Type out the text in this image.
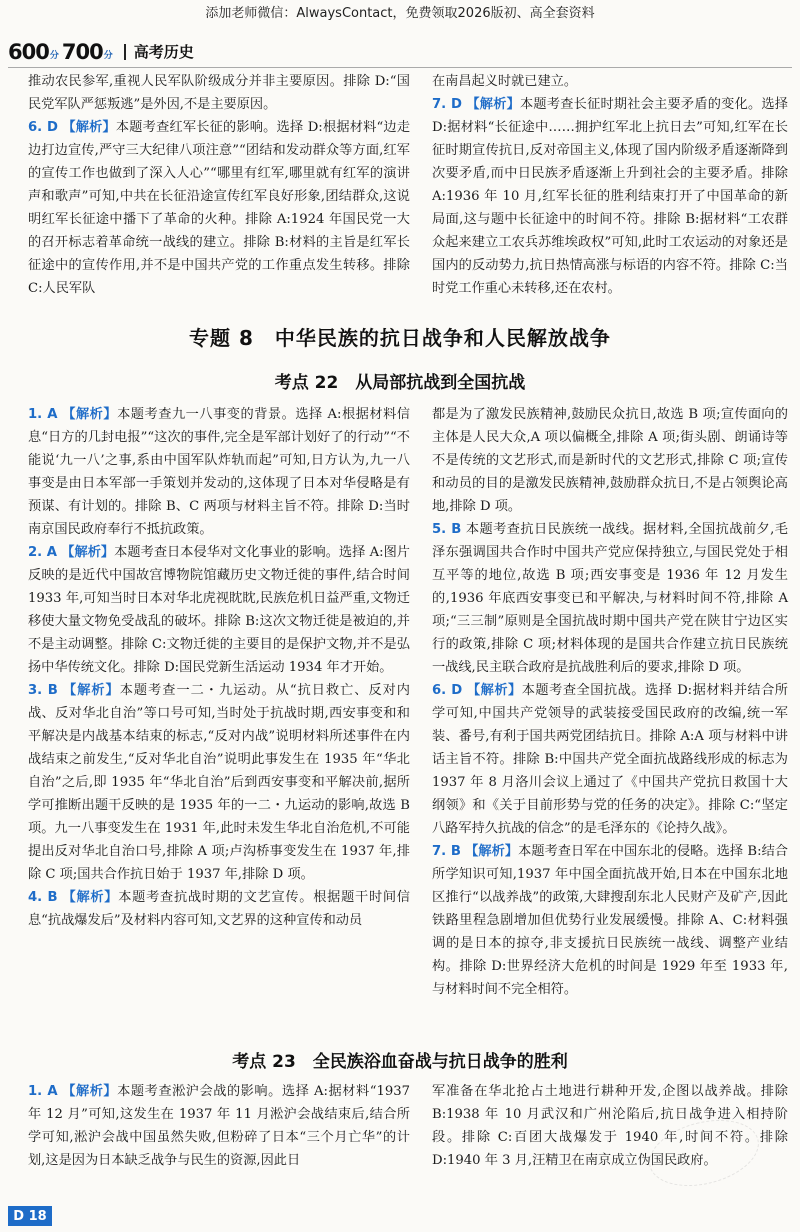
添加老师微信：AlwaysContact，免费领取2026版初、高全套资料
600 分 700 分 高考历史

推动农民参军,重视人民军队阶级成分并非主要原因。排除 D:“国民党军队严惩叛逃”是外因,不是主要原因。

6. D 【解析】本题考查红军长征的影响。选择 D:根据材料“边走边打边宣传,严守三大纪律八项注意”“团结和发动群众等方面,红军的宣传工作也做到了深入人心”“哪里有红军,哪里就有红军的演讲声和歌声”可知,中共在长征沿途宣传红军良好形象,团结群众,这说明红军长征途中播下了革命的火种。排除 A:1924 年国民党一大的召开标志着革命统一战线的建立。排除 B:材料的主旨是红军长征途中的宣传作用,并不是中国共产党的工作重点发生转移。排除 C:人民军队

在南昌起义时就已建立。

7. D 【解析】本题考查长征时期社会主要矛盾的变化。选择 D:据材料“长征途中……拥护红军北上抗日去”可知,红军在长征时期宣传抗日,反对帝国主义,体现了国内阶级矛盾逐渐降到次要矛盾,而中日民族矛盾逐渐上升到社会的主要矛盾。排除 A:1936 年 10 月,红军长征的胜利结束打开了中国革命的新局面,这与题中长征途中的时间不符。排除 B:据材料“工农群众起来建立工农兵苏维埃政权”可知,此时工农运动的对象还是国内的反动势力,抗日热情高涨与标语的内容不符。排除 C:当时党工作重心未转移,还在农村。

专题 8　中华民族的抗日战争和人民解放战争
考点 22　从局部抗战到全国抗战

1. A 【解析】本题考查九一八事变的背景。选择 A:根据材料信息“日方的几封电报”“这次的事件,完全是军部计划好了的行动”“不能说‘九一八’之事,系由中国军队炸轨而起”可知,日方认为,九一八事变是由日本军部一手策划并发动的,这体现了日本对华侵略是有预谋、有计划的。排除 B、C 两项与材料主旨不符。排除 D:当时南京国民政府奉行不抵抗政策。

2. A 【解析】本题考查日本侵华对文化事业的影响。选择 A:图片反映的是近代中国故宫博物院馆藏历史文物迁徙的事件,结合时间 1933 年,可知当时日本对华北虎视眈眈,民族危机日益严重,文物迁移使大量文物免受战乱的破坏。排除 B:这次文物迁徙是被迫的,并不是主动调整。排除 C:文物迁徙的主要目的是保护文物,并不是弘扬中华传统文化。排除 D:国民党新生活运动 1934 年才开始。

3. B 【解析】本题考查一二・九运动。从“抗日救亡、反对内战、反对华北自治”等口号可知,当时处于抗战时期,西安事变和和平解决是内战基本结束的标志,“反对内战”说明材料所述事件在内战结束之前发生,“反对华北自治”说明此事发生在 1935 年“华北自治”之后,即 1935 年“华北自治”后到西安事变和平解决前,据所学可推断出题干反映的是 1935 年的一二・九运动的影响,故选 B 项。九一八事变发生在 1931 年,此时未发生华北自治危机,不可能提出反对华北自治口号,排除 A 项;卢沟桥事变发生在 1937 年,排除 C 项;国共合作抗日始于 1937 年,排除 D 项。

4. B 【解析】本题考查抗战时期的文艺宣传。根据题干时间信息“抗战爆发后”及材料内容可知,文艺界的这种宣传和动员

都是为了激发民族精神,鼓励民众抗日,故选 B 项;宣传面向的主体是人民大众,A 项以偏概全,排除 A 项;街头剧、朗诵诗等不是传统的文艺形式,而是新时代的文艺形式,排除 C 项;宣传和动员的目的是激发民族精神,鼓励群众抗日,不是占领舆论高地,排除 D 项。

5. B 本题考查抗日民族统一战线。据材料,全国抗战前夕,毛泽东强调国共合作时中国共产党应保持独立,与国民党处于相互平等的地位,故选 B 项;西安事变是 1936 年 12 月发生的,1936 年底西安事变已和平解决,与材料时间不符,排除 A 项;“三三制”原则是全国抗战时期中国共产党在陕甘宁边区实行的政策,排除 C 项;材料体现的是国共合作建立抗日民族统一战线,民主联合政府是抗战胜利后的要求,排除 D 项。

6. D 【解析】本题考查全国抗战。选择 D:据材料并结合所学可知,中国共产党领导的武装接受国民政府的改编,统一军装、番号,有利于国共两党团结抗日。排除 A:A 项与材料中讲话主旨不符。排除 B:中国共产党全面抗战路线形成的标志为 1937 年 8 月洛川会议上通过了《中国共产党抗日救国十大纲领》和《关于目前形势与党的任务的决定》。排除 C:“坚定八路军持久抗战的信念”的是毛泽东的《论持久战》。

7. B 【解析】本题考查日军在中国东北的侵略。选择 B:结合所学知识可知,1937 年中国全面抗战开始,日本在中国东北地区推行“以战养战”的政策,大肆搜刮东北人民财产及矿产,因此铁路里程急剧增加但优势行业发展缓慢。排除 A、C:材料强调的是日本的掠夺,非支援抗日民族统一战线、调整产业结构。排除 D:世界经济大危机的时间是 1929 年至 1933 年,与材料时间不完全相符。

考点 23　全民族浴血奋战与抗日战争的胜利

1. A 【解析】本题考查淞沪会战的影响。选择 A:据材料“1937 年 12 月”可知,这发生在 1937 年 11 月淞沪会战结束后,结合所学可知,淞沪会战中国虽然失败,但粉碎了日本“三个月亡华”的计划,这是因为日本缺乏战争与民生的资源,因此日

军准备在华北抢占土地进行耕种开发,企图以战养战。排除 B:1938 年 10 月武汉和广州沦陷后,抗日战争进入相持阶段。排除 C:百团大战爆发于 1940 年,时间不符。排除 D:1940 年 3 月,汪精卫在南京成立伪国民政府。

D 18
